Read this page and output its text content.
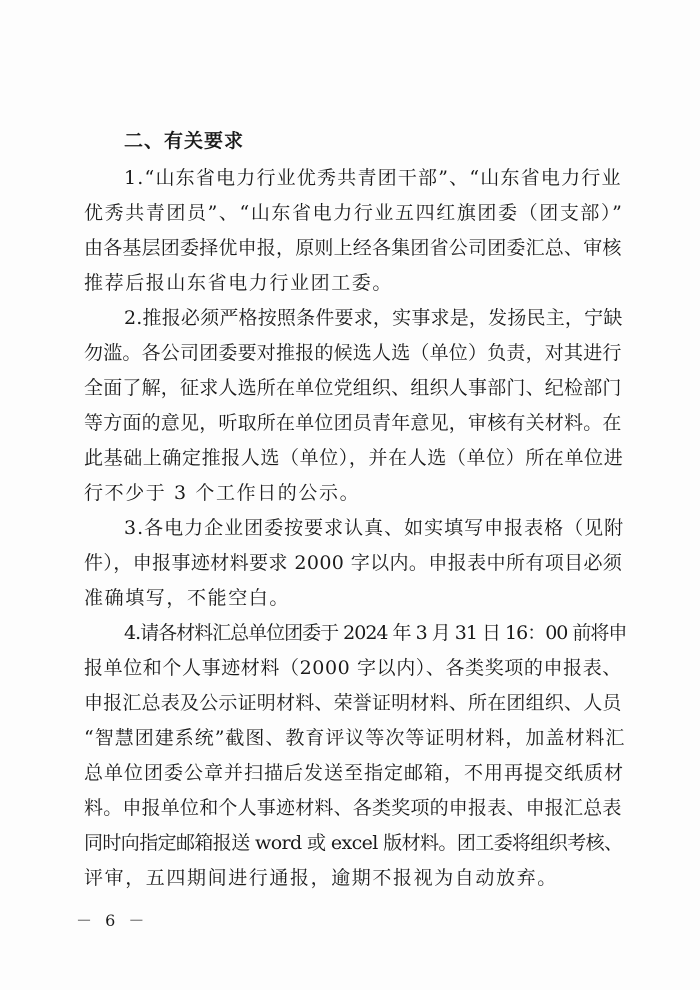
二、有关要求
1.“山东省电力行业优秀共青团干部”、“山东省电力行业
优秀共青团员”、“山东省电力行业五四红旗团委（团支部）”
由各基层团委择优申报，原则上经各集团省公司团委汇总、审核
推荐后报山东省电力行业团工委。
2.推报必须严格按照条件要求，实事求是，发扬民主，宁缺
勿滥。各公司团委要对推报的候选人选（单位）负责，对其进行
全面了解，征求人选所在单位党组织、组织人事部门、纪检部门
等方面的意见，听取所在单位团员青年意见，审核有关材料。在
此基础上确定推报人选（单位），并在人选（单位）所在单位进
行不少于 3 个工作日的公示。
3.各电力企业团委按要求认真、如实填写申报表格（见附
件），申报事迹材料要求 2000 字以内。申报表中所有项目必须
准确填写，不能空白。
4.请各材料汇总单位团委于 2024 年 3 月 31 日 16：00 前将申
报单位和个人事迹材料（2000 字以内）、各类奖项的申报表、
申报汇总表及公示证明材料、荣誉证明材料、所在团组织、人员
“智慧团建系统”截图、教育评议等次等证明材料，加盖材料汇
总单位团委公章并扫描后发送至指定邮箱，不用再提交纸质材
料。申报单位和个人事迹材料、各类奖项的申报表、申报汇总表
同时向指定邮箱报送 word 或 excel 版材料。团工委将组织考核、
评审，五四期间进行通报，逾期不报视为自动放弃。
－ 6 －
